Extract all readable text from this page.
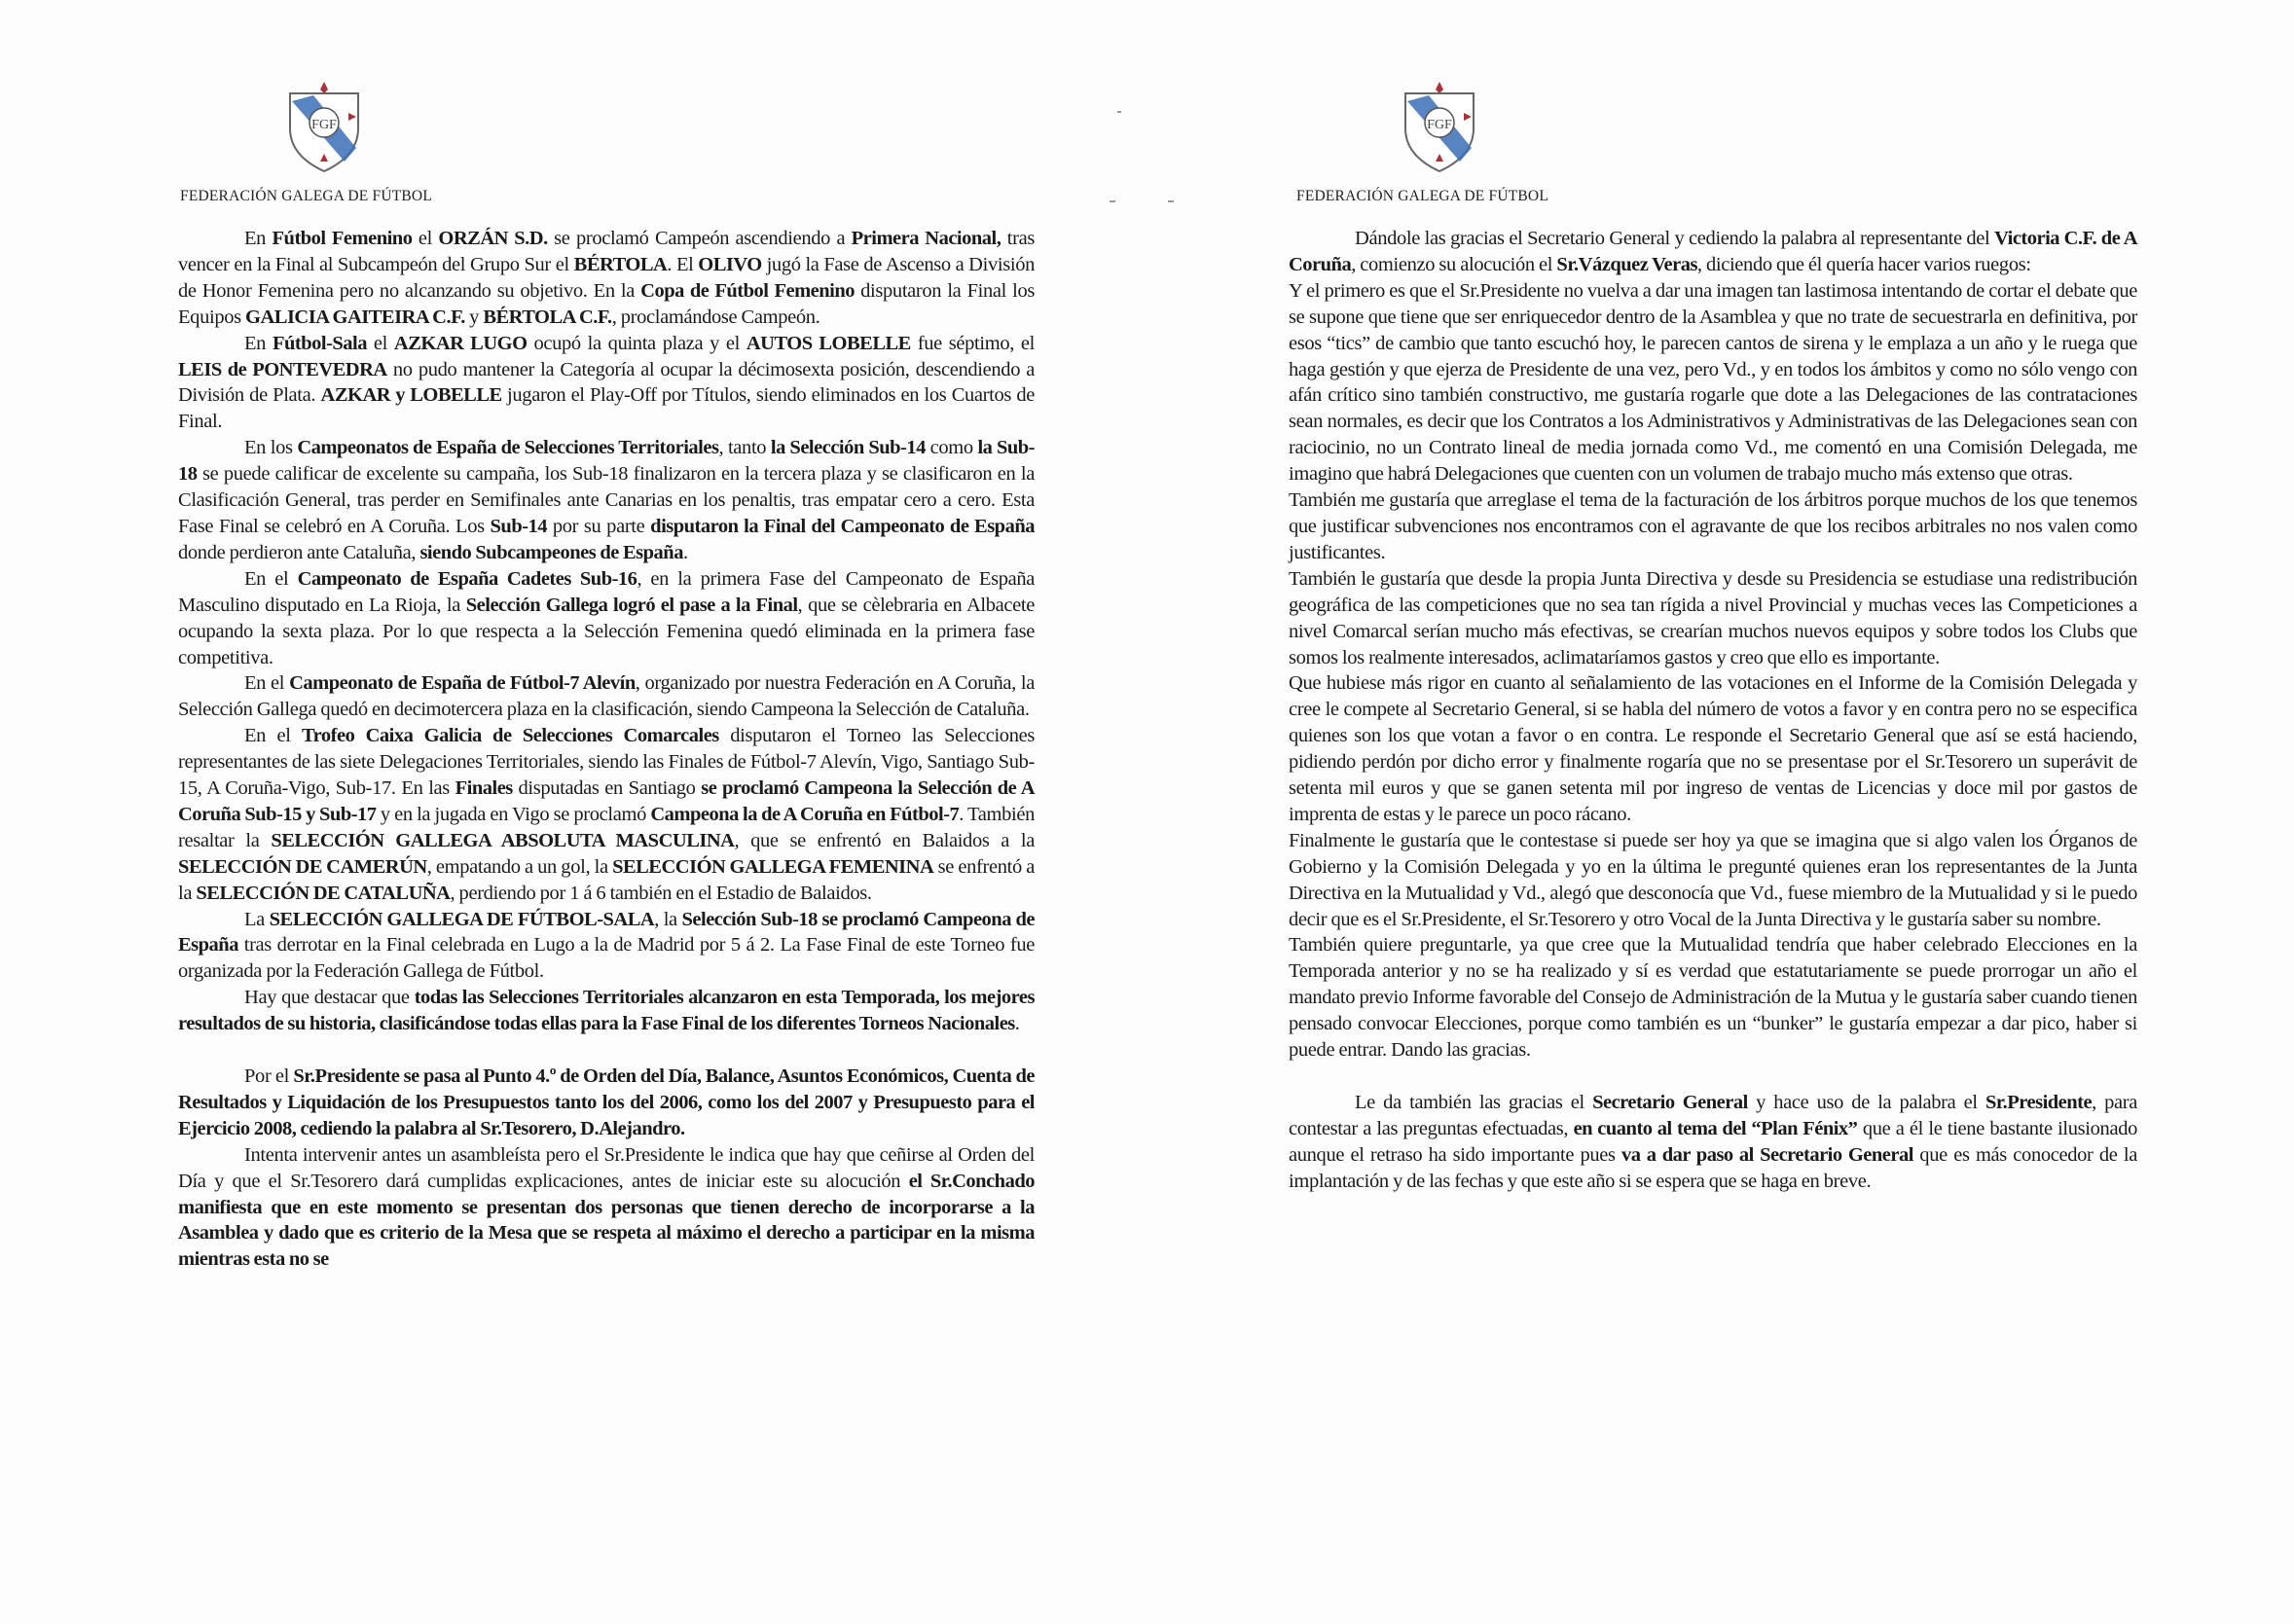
FGF
FEDERACIÓN GALEGA DE FÚTBOL

En Fútbol Femenino el ORZÁN S.D. se proclamó Campeón ascendiendo a Primera Nacional, tras vencer en la Final al Subcampeón del Grupo Sur el BÉRTOLA. El OLIVO jugó la Fase de Ascenso a División de Honor Femenina pero no alcanzando su objetivo. En la Copa de Fútbol Femenino disputaron la Final los Equipos GALICIA GAITEIRA C.F. y BÉRTOLA C.F., proclamándose Campeón.

En Fútbol-Sala el AZKAR LUGO ocupó la quinta plaza y el AUTOS LOBELLE fue séptimo, el LEIS de PONTEVEDRA no pudo mantener la Categoría al ocupar la décimosexta posición, descendiendo a División de Plata. AZKAR y LOBELLE jugaron el Play-Off por Títulos, siendo eliminados en los Cuartos de Final.

En los Campeonatos de España de Selecciones Territoriales, tanto la Selección Sub-14 como la Sub-18 se puede calificar de excelente su campaña, los Sub-18 finalizaron en la tercera plaza y se clasificaron en la Clasificación General, tras perder en Semifinales ante Canarias en los penaltis, tras empatar cero a cero. Esta Fase Final se celebró en A Coruña. Los Sub-14 por su parte disputaron la Final del Campeonato de España donde perdieron ante Cataluña, siendo Subcampeones de España.

En el Campeonato de España Cadetes Sub-16, en la primera Fase del Campeonato de España Masculino disputado en La Rioja, la Selección Gallega logró el pase a la Final, que se cèlebraria en Albacete ocupando la sexta plaza. Por lo que respecta a la Selección Femenina quedó eliminada en la primera fase competitiva.

En el Campeonato de España de Fútbol-7 Alevín, organizado por nuestra Federación en A Coruña, la Selección Gallega quedó en decimotercera plaza en la clasificación, siendo Campeona la Selección de Cataluña.

En el Trofeo Caixa Galicia de Selecciones Comarcales disputaron el Torneo las Selecciones representantes de las siete Delegaciones Territoriales, siendo las Finales de Fútbol-7 Alevín, Vigo, Santiago Sub-15, A Coruña-Vigo, Sub-17. En las Finales disputadas en Santiago se proclamó Campeona la Selección de A Coruña Sub-15 y Sub-17 y en la jugada en Vigo se proclamó Campeona la de A Coruña en Fútbol-7. También resaltar la SELECCIÓN GALLEGA ABSOLUTA MASCULINA, que se enfrentó en Balaidos a la SELECCIÓN DE CAMERÚN, empatando a un gol, la SELECCIÓN GALLEGA FEMENINA se enfrentó a la SELECCIÓN DE CATALUÑA, perdiendo por 1 á 6 también en el Estadio de Balaidos.

La SELECCIÓN GALLEGA DE FÚTBOL-SALA, la Selección Sub-18 se proclamó Campeona de España tras derrotar en la Final celebrada en Lugo a la de Madrid por 5 á 2. La Fase Final de este Torneo fue organizada por la Federación Gallega de Fútbol.

Hay que destacar que todas las Selecciones Territoriales alcanzaron en esta Temporada, los mejores resultados de su historia, clasificándose todas ellas para la Fase Final de los diferentes Torneos Nacionales.

Por el Sr.Presidente se pasa al Punto 4.º de Orden del Día, Balance, Asuntos Económicos, Cuenta de Resultados y Liquidación de los Presupuestos tanto los del 2006, como los del 2007 y Presupuesto para el Ejercicio 2008, cediendo la palabra al Sr.Tesorero, D.Alejandro.

Intenta intervenir antes un asambleísta pero el Sr.Presidente le indica que hay que ceñirse al Orden del Día y que el Sr.Tesorero dará cumplidas explicaciones, antes de iniciar este su alocución el Sr.Conchado manifiesta que en este momento se presentan dos personas que tienen derecho de incorporarse a la Asamblea y dado que es criterio de la Mesa que se respeta al máximo el derecho a participar en la misma mientras esta no se

FGF
FEDERACIÓN GALEGA DE FÚTBOL

Dándole las gracias el Secretario General y cediendo la palabra al representante del Victoria C.F. de A Coruña, comienzo su alocución el Sr.Vázquez Veras, diciendo que él quería hacer varios ruegos:

Y el primero es que el Sr.Presidente no vuelva a dar una imagen tan lastimosa intentando de cortar el debate que se supone que tiene que ser enriquecedor dentro de la Asamblea y que no trate de secuestrarla en definitiva, por esos “tics” de cambio que tanto escuchó hoy, le parecen cantos de sirena y le emplaza a un año y le ruega que haga gestión y que ejerza de Presidente de una vez, pero Vd., y en todos los ámbitos y como no sólo vengo con afán crítico sino también constructivo, me gustaría rogarle que dote a las Delegaciones de las contrataciones sean normales, es decir que los Contratos a los Administrativos y Administrativas de las Delegaciones sean con raciocinio, no un Contrato lineal de media jornada como Vd., me comentó en una Comisión Delegada, me imagino que habrá Delegaciones que cuenten con un volumen de trabajo mucho más extenso que otras.

También me gustaría que arreglase el tema de la facturación de los árbitros porque muchos de los que tenemos que justificar subvenciones nos encontramos con el agravante de que los recibos arbitrales no nos valen como justificantes.

También le gustaría que desde la propia Junta Directiva y desde su Presidencia se estudiase una redistribución geográfica de las competiciones que no sea tan rígida a nivel Provincial y muchas veces las Competiciones a nivel Comarcal serían mucho más efectivas, se crearían muchos nuevos equipos y sobre todos los Clubs que somos los realmente interesados, aclimataríamos gastos y creo que ello es importante.

Que hubiese más rigor en cuanto al señalamiento de las votaciones en el Informe de la Comisión Delegada y cree le compete al Secretario General, si se habla del número de votos a favor y en contra pero no se especifica quienes son los que votan a favor o en contra. Le responde el Secretario General que así se está haciendo, pidiendo perdón por dicho error y finalmente rogaría que no se presentase por el Sr.Tesorero un superávit de setenta mil euros y que se ganen setenta mil por ingreso de ventas de Licencias y doce mil por gastos de imprenta de estas y le parece un poco rácano.

Finalmente le gustaría que le contestase si puede ser hoy ya que se imagina que si algo valen los Órganos de Gobierno y la Comisión Delegada y yo en la última le pregunté quienes eran los representantes de la Junta Directiva en la Mutualidad y Vd., alegó que desconocía que Vd., fuese miembro de la Mutualidad y si le puedo decir que es el Sr.Presidente, el Sr.Tesorero y otro Vocal de la Junta Directiva y le gustaría saber su nombre.

También quiere preguntarle, ya que cree que la Mutualidad tendría que haber celebrado Elecciones en la Temporada anterior y no se ha realizado y sí es verdad que estatutariamente se puede prorrogar un año el mandato previo Informe favorable del Consejo de Administración de la Mutua y le gustaría saber cuando tienen pensado convocar Elecciones, porque como también es un “bunker” le gustaría empezar a dar pico, haber si puede entrar. Dando las gracias.

Le da también las gracias el Secretario General y hace uso de la palabra el Sr.Presidente, para contestar a las preguntas efectuadas, en cuanto al tema del “Plan Fénix” que a él le tiene bastante ilusionado aunque el retraso ha sido importante pues va a dar paso al Secretario General que es más conocedor de la implantación y de las fechas y que este año si se espera que se haga en breve.
